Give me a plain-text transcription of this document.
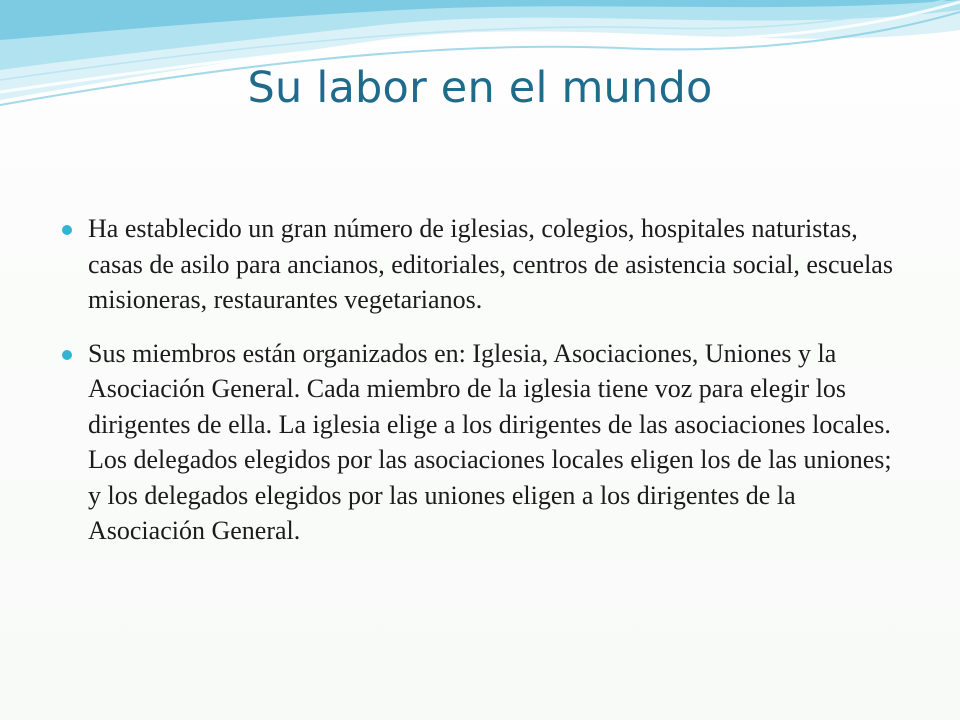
Su labor en el mundo
Ha establecido un gran número de iglesias, colegios, hospitales naturistas, casas de asilo para ancianos, editoriales, centros de asistencia social, escuelas misioneras, restaurantes vegetarianos.
Sus miembros están organizados en: Iglesia, Asociaciones, Uniones y la Asociación General. Cada miembro de la iglesia tiene voz para elegir los dirigentes de ella. La iglesia elige a los dirigentes de las asociaciones locales. Los delegados elegidos por las asociaciones locales eligen los de las uniones; y los delegados elegidos por las uniones eligen a los dirigentes de la Asociación General.
